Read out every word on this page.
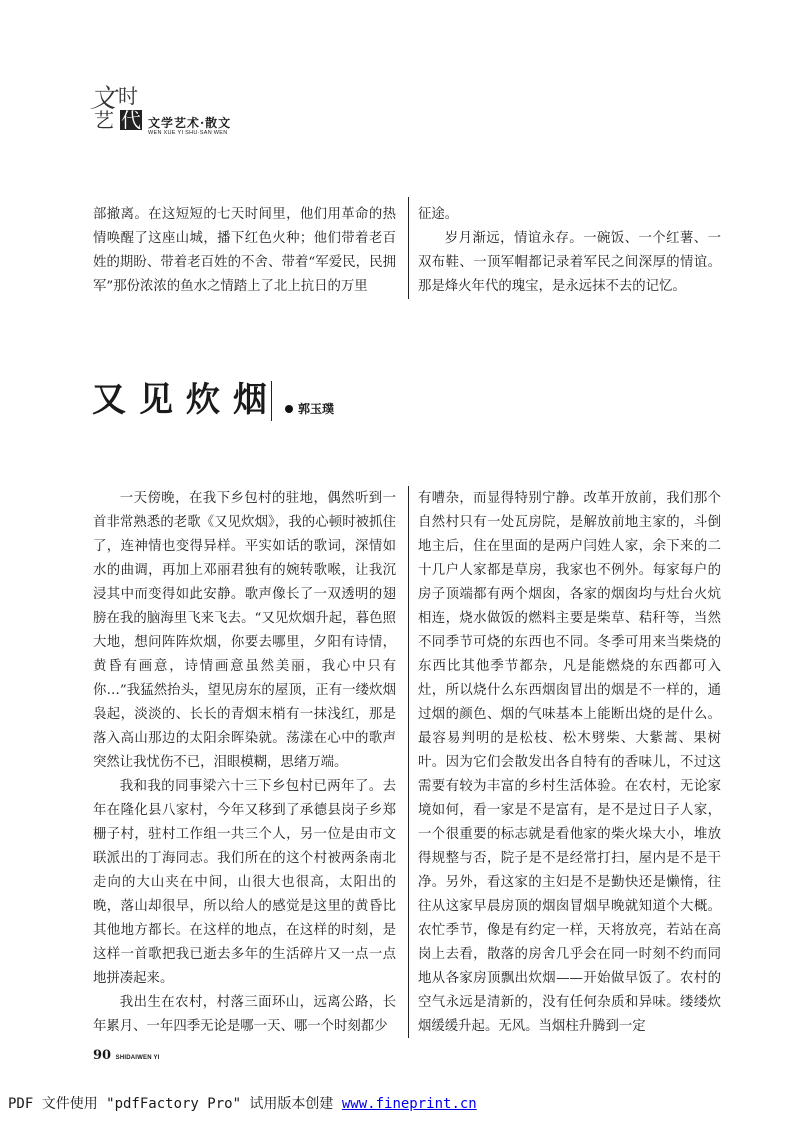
文 时
艺 代 文学艺术·散文
WEN XUE YI SHU·SAN WEN

部撤离。在这短短的七天时间里，他们用革命的热情唤醒了这座山城，播下红色火种；他们带着老百姓的期盼、带着老百姓的不舍、带着“军爱民，民拥军”那份浓浓的鱼水之情踏上了北上抗日的万里

征途。

岁月渐远，情谊永存。一碗饭、一个红薯、一双布鞋、一顶军帽都记录着军民之间深厚的情谊。那是烽火年代的瑰宝，是永远抹不去的记忆。

又见炊烟 郭玉璞

一天傍晚，在我下乡包村的驻地，偶然听到一首非常熟悉的老歌《又见炊烟》，我的心顿时被抓住了，连神情也变得异样。平实如话的歌词，深情如水的曲调，再加上邓丽君独有的婉转歌喉，让我沉浸其中而变得如此安静。歌声像长了一双透明的翅膀在我的脑海里飞来飞去。“又见炊烟升起，暮色照大地，想问阵阵炊烟，你要去哪里，夕阳有诗情，黄昏有画意，诗情画意虽然美丽，我心中只有你…”我猛然抬头，望见房东的屋顶，正有一缕炊烟袅起，淡淡的、长长的青烟末梢有一抹浅红，那是落入高山那边的太阳余晖染就。荡漾在心中的歌声突然让我忧伤不已，泪眼模糊，思绪万端。

我和我的同事梁六十三下乡包村已两年了。去年在隆化县八家村，今年又移到了承德县岗子乡郑栅子村，驻村工作组一共三个人，另一位是由市文联派出的丁海同志。我们所在的这个村被两条南北走向的大山夹在中间，山很大也很高，太阳出的晚，落山却很早，所以给人的感觉是这里的黄昏比其他地方都长。在这样的地点，在这样的时刻，是这样一首歌把我已逝去多年的生活碎片又一点一点地拼凑起来。

我出生在农村，村落三面环山，远离公路，长年累月、一年四季无论是哪一天、哪一个时刻都少

有嘈杂，而显得特别宁静。改革开放前，我们那个自然村只有一处瓦房院，是解放前地主家的，斗倒地主后，住在里面的是两户闫姓人家，余下来的二十几户人家都是草房，我家也不例外。每家每户的房子顶端都有两个烟囱，各家的烟囱均与灶台火炕相连，烧水做饭的燃料主要是柴草、秸秆等，当然不同季节可烧的东西也不同。冬季可用来当柴烧的东西比其他季节都杂，凡是能燃烧的东西都可入灶，所以烧什么东西烟囱冒出的烟是不一样的，通过烟的颜色、烟的气味基本上能断出烧的是什么。最容易判明的是松枝、松木劈柴、大紫蒿、果树叶。因为它们会散发出各自特有的香味儿，不过这需要有较为丰富的乡村生活体验。在农村，无论家境如何，看一家是不是富有，是不是过日子人家，一个很重要的标志就是看他家的柴火垛大小，堆放得规整与否，院子是不是经常打扫，屋内是不是干净。另外，看这家的主妇是不是勤快还是懒惰，往往从这家早晨房顶的烟囱冒烟早晚就知道个大概。农忙季节，像是有约定一样，天将放亮，若站在高岗上去看，散落的房舍几乎会在同一时刻不约而同地从各家房顶飘出炊烟——开始做早饭了。农村的空气永远是清新的，没有任何杂质和异味。缕缕炊烟缓缓升起。无风。当烟柱升腾到一定

90 SHIDAIWEN YI
PDF 文件使用 "pdfFactory Pro" 试用版本创建 www.fineprint.cn
